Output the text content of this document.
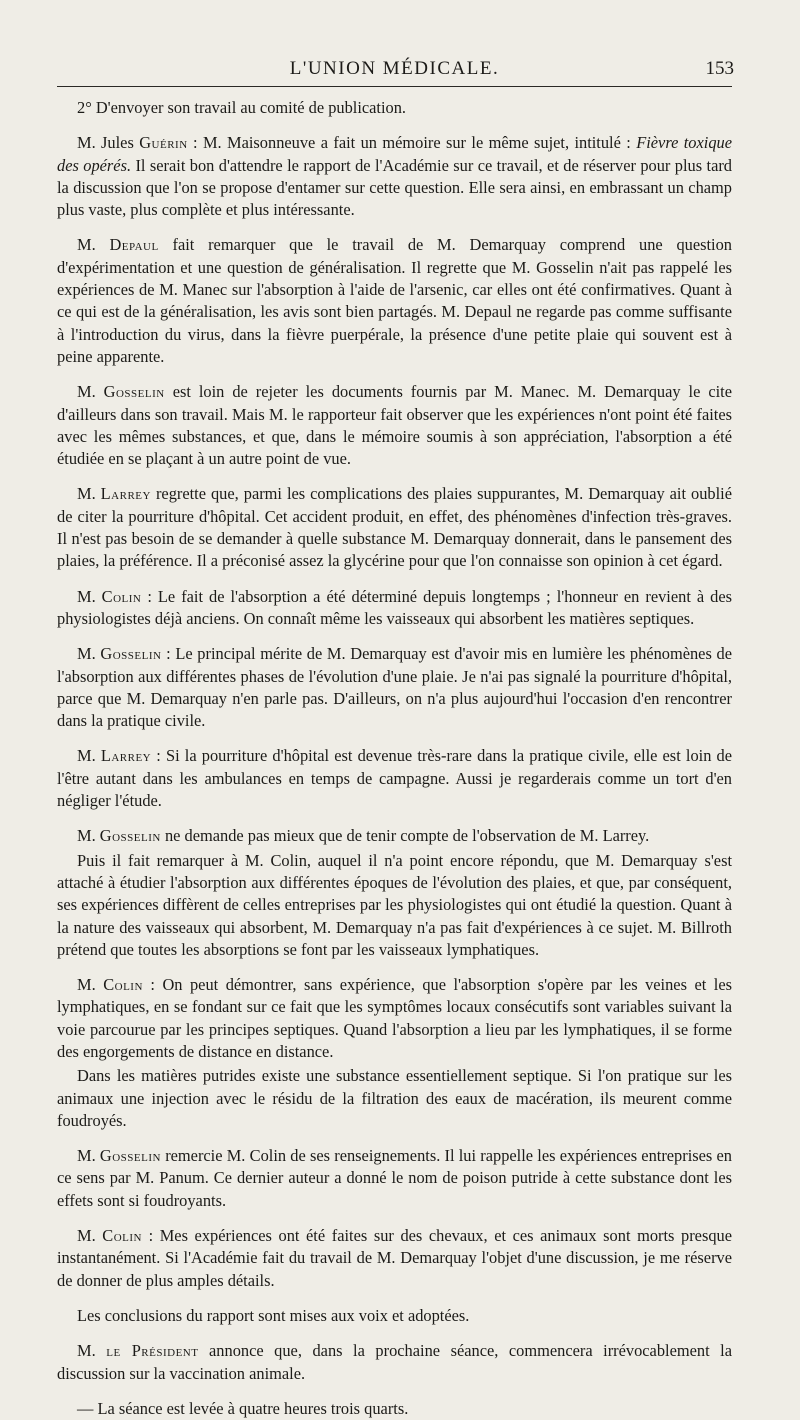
L'UNION MÉDICALE.	153

2° D'envoyer son travail au comité de publication.

M. Jules Guérin : M. Maisonneuve a fait un mémoire sur le même sujet, intitulé : Fièvre toxique des opérés. Il serait bon d'attendre le rapport de l'Académie sur ce travail, et de réserver pour plus tard la discussion que l'on se propose d'entamer sur cette question. Elle sera ainsi, en embrassant un champ plus vaste, plus complète et plus intéressante.

M. Depaul fait remarquer que le travail de M. Demarquay comprend une question d'expérimentation et une question de généralisation. Il regrette que M. Gosselin n'ait pas rappelé les expériences de M. Manec sur l'absorption à l'aide de l'arsenic, car elles ont été confirmatives. Quant à ce qui est de la généralisation, les avis sont bien partagés. M. Depaul ne regarde pas comme suffisante à l'introduction du virus, dans la fièvre puerpérale, la présence d'une petite plaie qui souvent est à peine apparente.

M. Gosselin est loin de rejeter les documents fournis par M. Manec. M. Demarquay le cite d'ailleurs dans son travail. Mais M. le rapporteur fait observer que les expériences n'ont point été faites avec les mêmes substances, et que, dans le mémoire soumis à son appréciation, l'absorption a été étudiée en se plaçant à un autre point de vue.

M. Larrey regrette que, parmi les complications des plaies suppurantes, M. Demarquay ait oublié de citer la pourriture d'hôpital. Cet accident produit, en effet, des phénomènes d'infection très-graves. Il n'est pas besoin de se demander à quelle substance M. Demarquay donnerait, dans le pansement des plaies, la préférence. Il a préconisé assez la glycérine pour que l'on connaisse son opinion à cet égard.

M. Colin : Le fait de l'absorption a été déterminé depuis longtemps ; l'honneur en revient à des physiologistes déjà anciens. On connaît même les vaisseaux qui absorbent les matières septiques.

M. Gosselin : Le principal mérite de M. Demarquay est d'avoir mis en lumière les phénomènes de l'absorption aux différentes phases de l'évolution d'une plaie. Je n'ai pas signalé la pourriture d'hôpital, parce que M. Demarquay n'en parle pas. D'ailleurs, on n'a plus aujourd'hui l'occasion d'en rencontrer dans la pratique civile.

M. Larrey : Si la pourriture d'hôpital est devenue très-rare dans la pratique civile, elle est loin de l'être autant dans les ambulances en temps de campagne. Aussi je regarderais comme un tort d'en négliger l'étude.

M. Gosselin ne demande pas mieux que de tenir compte de l'observation de M. Larrey.

Puis il fait remarquer à M. Colin, auquel il n'a point encore répondu, que M. Demarquay s'est attaché à étudier l'absorption aux différentes époques de l'évolution des plaies, et que, par conséquent, ses expériences diffèrent de celles entreprises par les physiologistes qui ont étudié la question. Quant à la nature des vaisseaux qui absorbent, M. Demarquay n'a pas fait d'expériences à ce sujet. M. Billroth prétend que toutes les absorptions se font par les vaisseaux lymphatiques.

M. Colin : On peut démontrer, sans expérience, que l'absorption s'opère par les veines et les lymphatiques, en se fondant sur ce fait que les symptômes locaux consécutifs sont variables suivant la voie parcourue par les principes septiques. Quand l'absorption a lieu par les lymphatiques, il se forme des engorgements de distance en distance.

Dans les matières putrides existe une substance essentiellement septique. Si l'on pratique sur les animaux une injection avec le résidu de la filtration des eaux de macération, ils meurent comme foudroyés.

M. Gosselin remercie M. Colin de ses renseignements. Il lui rappelle les expériences entreprises en ce sens par M. Panum. Ce dernier auteur a donné le nom de poison putride à cette substance dont les effets sont si foudroyants.

M. Colin : Mes expériences ont été faites sur des chevaux, et ces animaux sont morts presque instantanément. Si l'Académie fait du travail de M. Demarquay l'objet d'une discussion, je me réserve de donner de plus amples détails.

Les conclusions du rapport sont mises aux voix et adoptées.

M. le Président annonce que, dans la prochaine séance, commencera irrévocablement la discussion sur la vaccination animale.

— La séance est levée à quatre heures trois quarts.
